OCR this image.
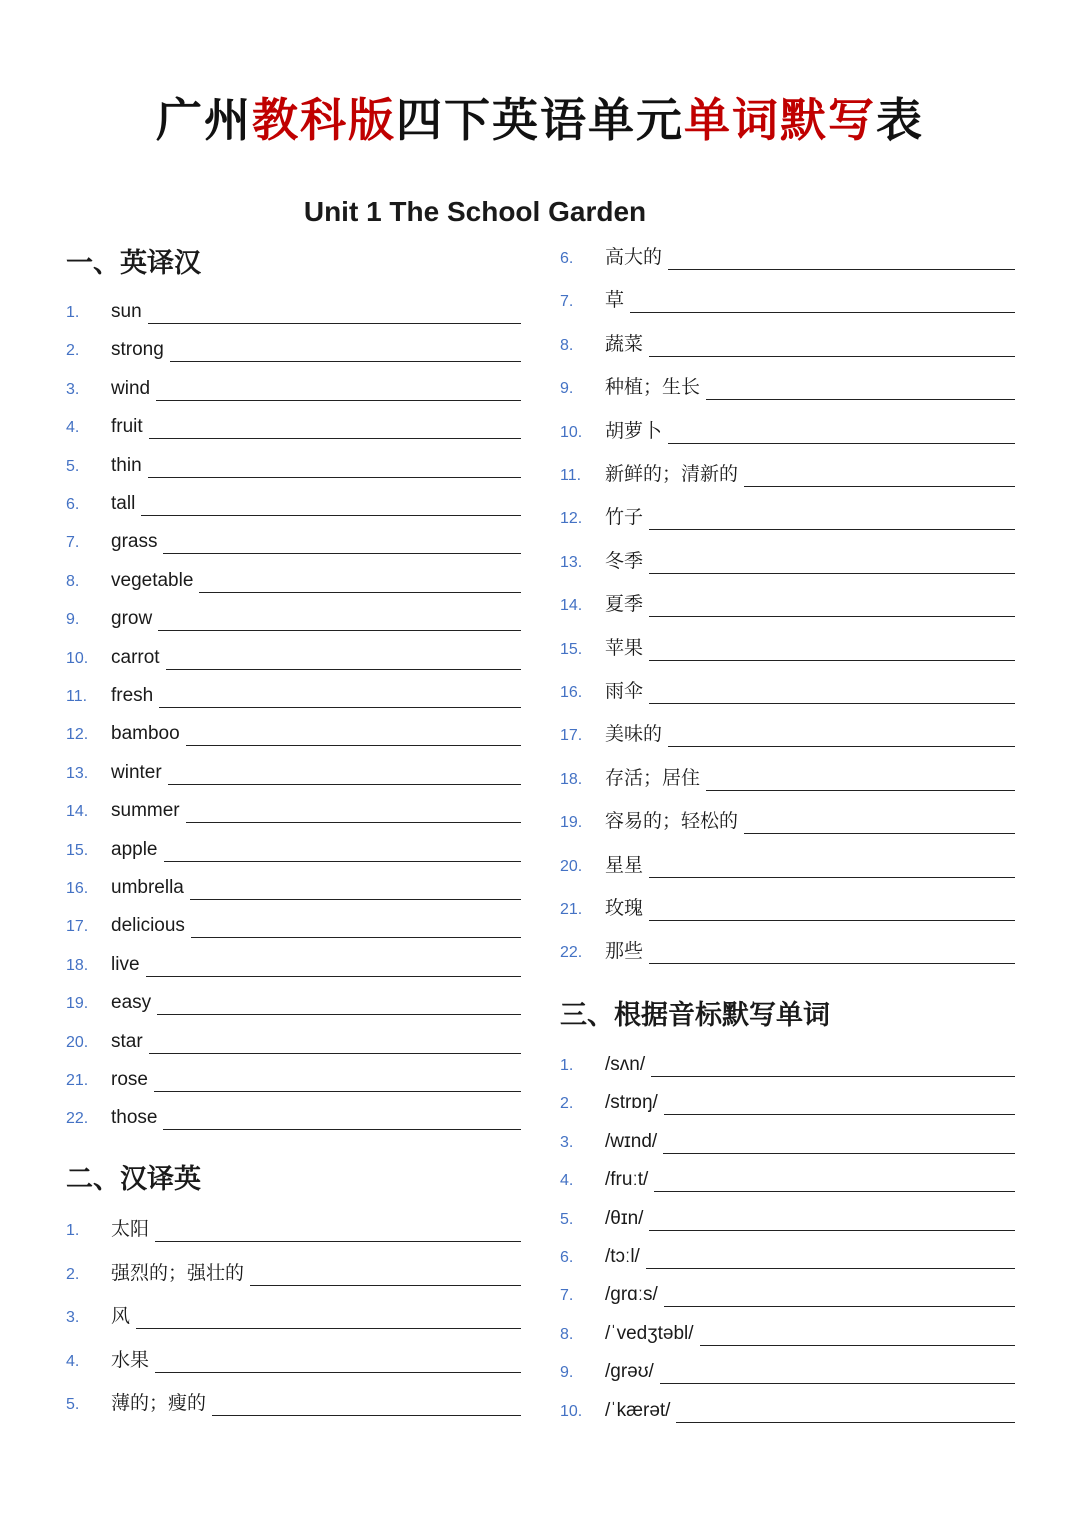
广州教科版四下英语单元单词默写表
Unit 1 The School Garden
一、英译汉
二、汉译英
三、根据音标默写单词
1.	sun
2.	strong
3.	wind
4.	fruit
5.	thin
6.	tall
7.	grass
8.	vegetable
9.	grow
10.	carrot
11.	fresh
12.	bamboo
13.	winter
14.	summer
15.	apple
16.	umbrella
17.	delicious
18.	live
19.	easy
20.	star
21.	rose
22.	those
1.	太阳
2.	强烈的；强壮的
3.	风
4.	水果
5.	薄的；瘦的
6.	高大的
7.	草
8.	蔬菜
9.	种植；生长
10.	胡萝卜
11.	新鲜的；清新的
12.	竹子
13.	冬季
14.	夏季
15.	苹果
16.	雨伞
17.	美味的
18.	存活；居住
19.	容易的；轻松的
20.	星星
21.	玫瑰
22.	那些
1.	/sʌn/
2.	/strɒŋ/
3.	/wɪnd/
4.	/fruːt/
5.	/θɪn/
6.	/tɔːl/
7.	/grɑːs/
8.	/ˈvedʒtəbl/
9.	/grəʊ/
10.	/ˈkærət/
